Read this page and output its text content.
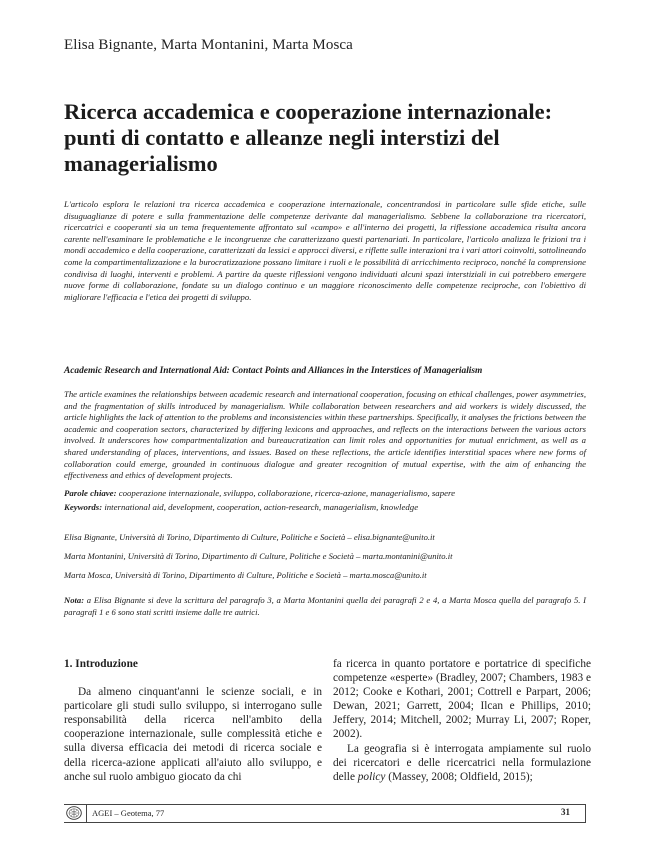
Elisa Bignante, Marta Montanini, Marta Mosca
Ricerca accademica e cooperazione internazionale: punti di contatto e alleanze negli interstizi del managerialismo

L'articolo esplora le relazioni tra ricerca accademica e cooperazione internazionale, concentrandosi in particolare sulle sfide etiche, sulle disuguaglianze di potere e sulla frammentazione delle competenze derivante dal managerialismo. Sebbene la collaborazione tra ricercatori, ricercatrici e cooperanti sia un tema frequentemente affrontato sul «campo» e all'interno dei progetti, la riflessione accademica risulta ancora carente nell'esaminare le problematiche e le incongruenze che caratterizzano questi partenariati. In particolare, l'articolo analizza le frizioni tra i mondi accademico e della cooperazione, caratterizzati da lessici e approcci diversi, e riflette sulle interazioni tra i vari attori coinvolti, sottolineando come la compartimentalizzazione e la burocratizzazione possano limitare i ruoli e le possibilità di arricchimento reciproco, nonché la comprensione condivisa di luoghi, interventi e problemi. A partire da queste riflessioni vengono individuati alcuni spazi interstiziali in cui potrebbero emergere nuove forme di collaborazione, fondate su un dialogo continuo e un maggiore riconoscimento delle competenze reciproche, con l'obiettivo di migliorare l'efficacia e l'etica dei progetti di sviluppo.

Academic Research and International Aid: Contact Points and Alliances in the Interstices of Managerialism

The article examines the relationships between academic research and international cooperation, focusing on ethical challenges, power asymmetries, and the fragmentation of skills introduced by managerialism. While collaboration between researchers and aid workers is widely discussed, the article highlights the lack of attention to the problems and inconsistencies within these partnerships. Specifically, it analyses the frictions between the academic and cooperation sectors, characterized by differing lexicons and approaches, and reflects on the interactions between the various actors involved. It underscores how compartmentalization and bureaucratization can limit roles and opportunities for mutual enrichment, as well as a shared understanding of places, interventions, and issues. Based on these reflections, the article identifies interstitial spaces where new forms of collaboration could emerge, grounded in continuous dialogue and greater recognition of mutual expertise, with the aim of enhancing the effectiveness and ethics of development projects.

Parole chiave: cooperazione internazionale, sviluppo, collaborazione, ricerca-azione, managerialismo, sapere

Keywords: international aid, development, cooperation, action-research, managerialism, knowledge

Elisa Bignante, Università di Torino, Dipartimento di Culture, Politiche e Società – elisa.bignante@unito.it

Marta Montanini, Università di Torino, Dipartimento di Culture, Politiche e Società – marta.montanini@unito.it

Marta Mosca, Università di Torino, Dipartimento di Culture, Politiche e Società – marta.mosca@unito.it

Nota: a Elisa Bignante si deve la scrittura del paragrafo 3, a Marta Montanini quella dei paragrafi 2 e 4, a Marta Mosca quella del paragrafo 5. I paragrafi 1 e 6 sono stati scritti insieme dalle tre autrici.

1. Introduzione

Da almeno cinquant'anni le scienze sociali, e in particolare gli studi sullo sviluppo, si interrogano sulle responsabilità della ricerca nell'ambito della cooperazione internazionale, sulle complessità etiche e sulla diversa efficacia dei metodi di ricerca sociale e della ricerca-azione applicati all'aiuto allo sviluppo, e anche sul ruolo ambiguo giocato da chi

fa ricerca in quanto portatore e portatrice di specifiche competenze «esperte» (Bradley, 2007; Chambers, 1983 e 2012; Cooke e Kothari, 2001; Cottrell e Parpart, 2006; Dewan, 2021; Garrett, 2004; Ilcan e Phillips, 2010; Jeffery, 2014; Mitchell, 2002; Murray Li, 2007; Roper, 2002).

La geografia si è interrogata ampiamente sul ruolo dei ricercatori e delle ricercatrici nella formulazione delle policy (Massey, 2008; Oldfield, 2015);

AGEI – Geotema, 77	31
